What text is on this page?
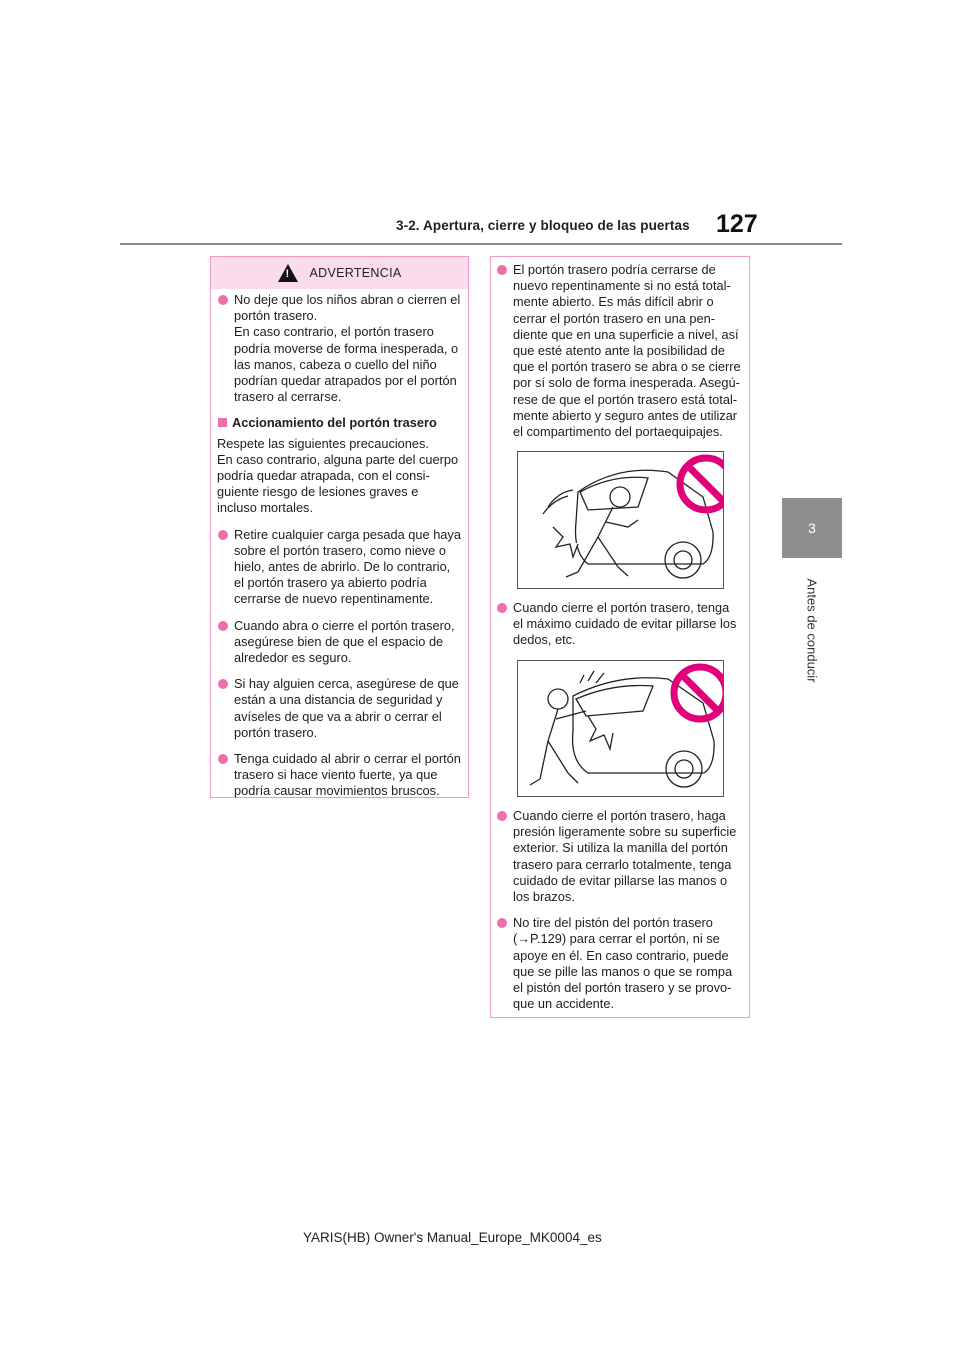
3-2. Apertura, cierre y bloqueo de las puertas 127
3
Antes de conducir
!
ADVERTENCIA
No deje que los niños abran o cierren el
portón trasero.
En caso contrario, el portón trasero
podría moverse de forma inesperada, o
las manos, cabeza o cuello del niño
podrían quedar atrapados por el portón
trasero al cerrarse.
Accionamiento del portón trasero
Respete las siguientes precauciones.
En caso contrario, alguna parte del cuerpo
podría quedar atrapada, con el consi-
guiente riesgo de lesiones graves e
incluso mortales.
Retire cualquier carga pesada que haya
sobre el portón trasero, como nieve o
hielo, antes de abrirlo. De lo contrario,
el portón trasero ya abierto podría
cerrarse de nuevo repentinamente.
Cuando abra o cierre el portón trasero,
asegúrese bien de que el espacio de
alrededor es seguro.
Si hay alguien cerca, asegúrese de que
están a una distancia de seguridad y
avíseles de que va a abrir o cerrar el
portón trasero.
Tenga cuidado al abrir o cerrar el portón
trasero si hace viento fuerte, ya que
podría causar movimientos bruscos.
El portón trasero podría cerrarse de
nuevo repentinamente si no está total-
mente abierto. Es más difícil abrir o
cerrar el portón trasero en una pen-
diente que en una superficie a nivel, así
que esté atento ante la posibilidad de
que el portón trasero se abra o se cierre
por sí solo de forma inesperada. Asegú-
rese de que el portón trasero está total-
mente abierto y seguro antes de utilizar
el compartimento del portaequipajes.
Cuando cierre el portón trasero, tenga
el máximo cuidado de evitar pillarse los
dedos, etc.
Cuando cierre el portón trasero, haga
presión ligeramente sobre su superficie
exterior. Si utiliza la manilla del portón
trasero para cerrarlo totalmente, tenga
cuidado de evitar pillarse las manos o
los brazos.
No tire del pistón del portón trasero
(→P.129) para cerrar el portón, ni se
apoye en él. En caso contrario, puede
que se pille las manos o que se rompa
el pistón del portón trasero y se provo-
que un accidente.
YARIS(HB) Owner's Manual_Europe_MK0004_es
